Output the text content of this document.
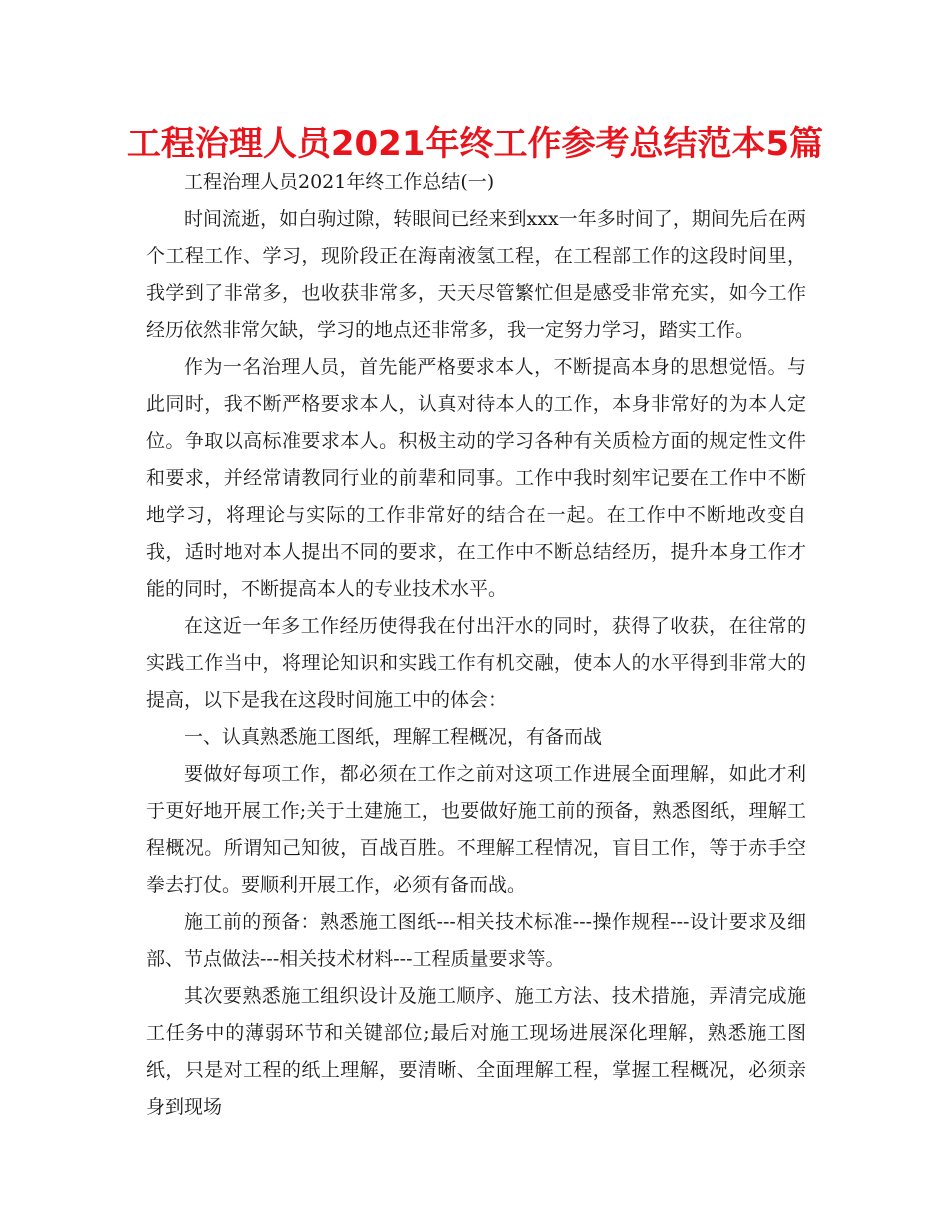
工程治理人员2021年终工作参考总结范本5篇

工程治理人员2021年终工作总结(一)

时间流逝，如白驹过隙，转眼间已经来到xxx一年多时间了，期间先后在两个工程工作、学习，现阶段正在海南液氢工程，在工程部工作的这段时间里，我学到了非常多，也收获非常多，天天尽管繁忙但是感受非常充实，如今工作经历依然非常欠缺，学习的地点还非常多，我一定努力学习，踏实工作。

作为一名治理人员，首先能严格要求本人，不断提高本身的思想觉悟。与此同时，我不断严格要求本人，认真对待本人的工作，本身非常好的为本人定位。争取以高标准要求本人。积极主动的学习各种有关质检方面的规定性文件和要求，并经常请教同行业的前辈和同事。工作中我时刻牢记要在工作中不断地学习，将理论与实际的工作非常好的结合在一起。在工作中不断地改变自我，适时地对本人提出不同的要求，在工作中不断总结经历，提升本身工作才能的同时，不断提高本人的专业技术水平。

在这近一年多工作经历使得我在付出汗水的同时，获得了收获，在往常的实践工作当中，将理论知识和实践工作有机交融，使本人的水平得到非常大的提高，以下是我在这段时间施工中的体会：

一、认真熟悉施工图纸，理解工程概况，有备而战

要做好每项工作，都必须在工作之前对这项工作进展全面理解，如此才利于更好地开展工作;关于土建施工，也要做好施工前的预备，熟悉图纸，理解工程概况。所谓知己知彼，百战百胜。不理解工程情况，盲目工作，等于赤手空拳去打仗。要顺利开展工作，必须有备而战。

施工前的预备：熟悉施工图纸---相关技术标准---操作规程---设计要求及细部、节点做法---相关技术材料---工程质量要求等。

其次要熟悉施工组织设计及施工顺序、施工方法、技术措施，弄清完成施工任务中的薄弱环节和关键部位;最后对施工现场进展深化理解，熟悉施工图纸，只是对工程的纸上理解，要清晰、全面理解工程，掌握工程概况，必须亲身到现场
